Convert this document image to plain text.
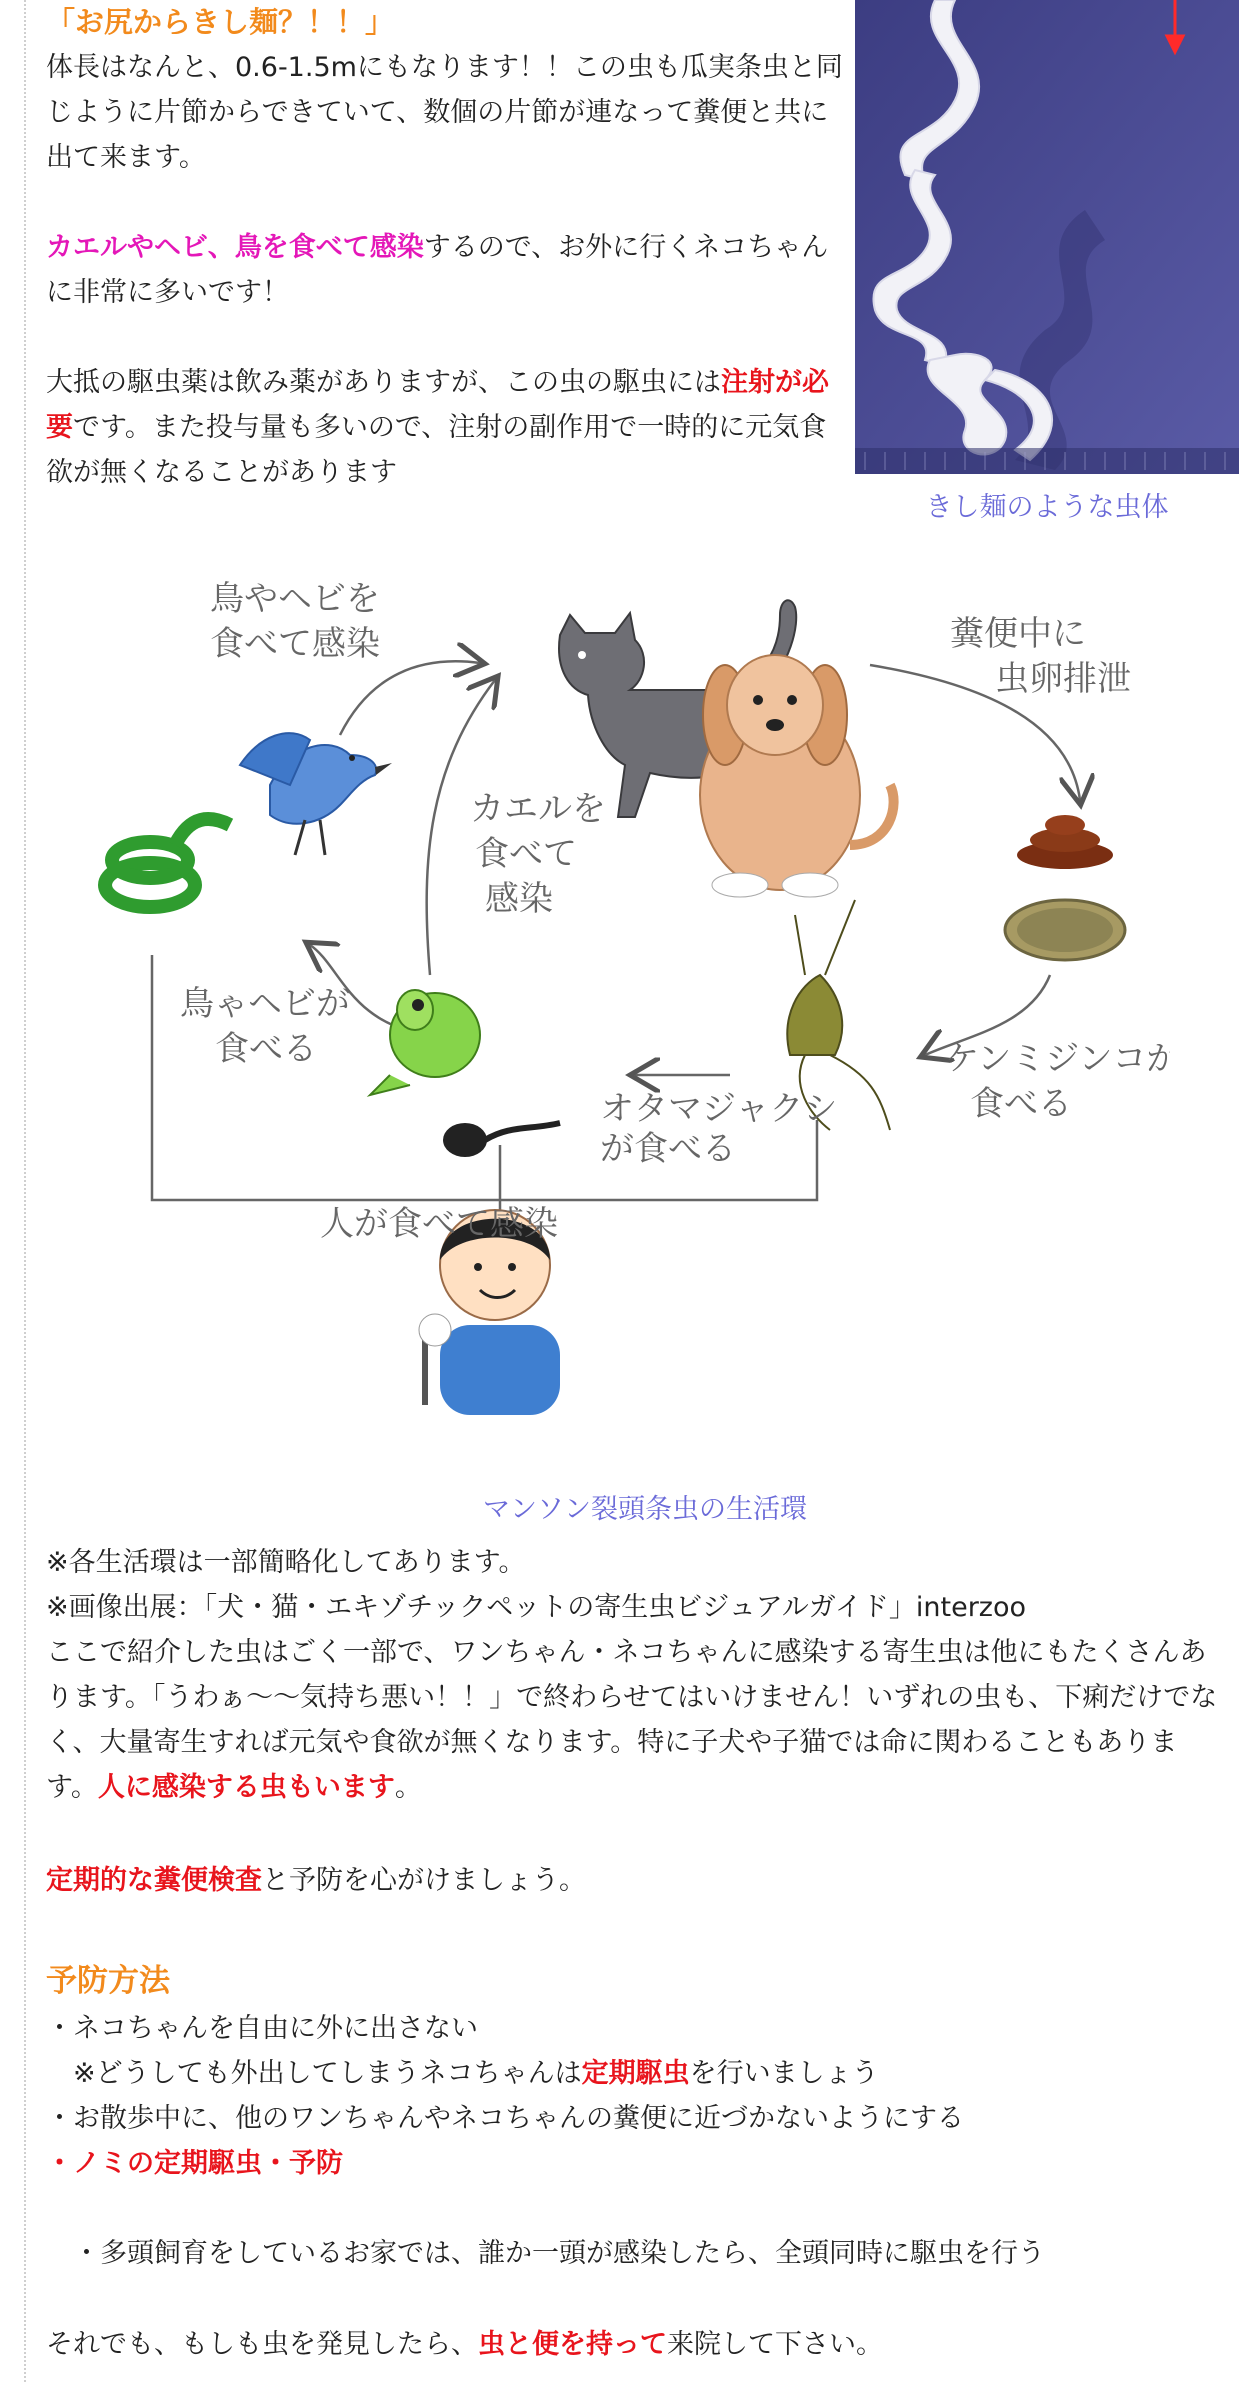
「お尻からきし麺？！！」
体長はなんと、0.6-1.5mにもなります！！この虫も瓜実条虫と同じように片節からできていて、数個の片節が連なって糞便と共に出て来ます。
カエルやヘビ、鳥を食べて感染するので、お外に行くネコちゃんに非常に多いです！
大抵の駆虫薬は飲み薬がありますが、この虫の駆虫には注射が必要です。また投与量も多いので、注射の副作用で一時的に元気食欲が無くなることがあります
きし麺のような虫体
鳥やヘビを
食べて感染	糞便中に
虫卵排泄
カエルを
食べて
感染
鳥ゃヘビが
食べる	ケンミジンコが
食べる
オタマジャクシ
が食べる
人が食べて感染
マンソン裂頭条虫の生活環
※各生活環は一部簡略化してあります。
※画像出展：「犬・猫・エキゾチックペットの寄生虫ビジュアルガイド」interzoo
ここで紹介した虫はごく一部で、ワンちゃん・ネコちゃんに感染する寄生虫は他にもたくさんあります。「うわぁ〜〜気持ち悪い！！」で終わらせてはいけません！いずれの虫も、下痢だけでなく、大量寄生すれば元気や食欲が無くなります。特に子犬や子猫では命に関わることもあります。人に感染する虫もいます。
定期的な糞便検査と予防を心がけましょう。
予防方法
・ネコちゃんを自由に外に出さない
　※どうしても外出してしまうネコちゃんは定期駆虫を行いましょう
・お散歩中に、他のワンちゃんやネコちゃんの糞便に近づかないようにする
・ノミの定期駆虫・予防
　・多頭飼育をしているお家では、誰か一頭が感染したら、全頭同時に駆虫を行う
それでも、もしも虫を発見したら、虫と便を持って来院して下さい。
